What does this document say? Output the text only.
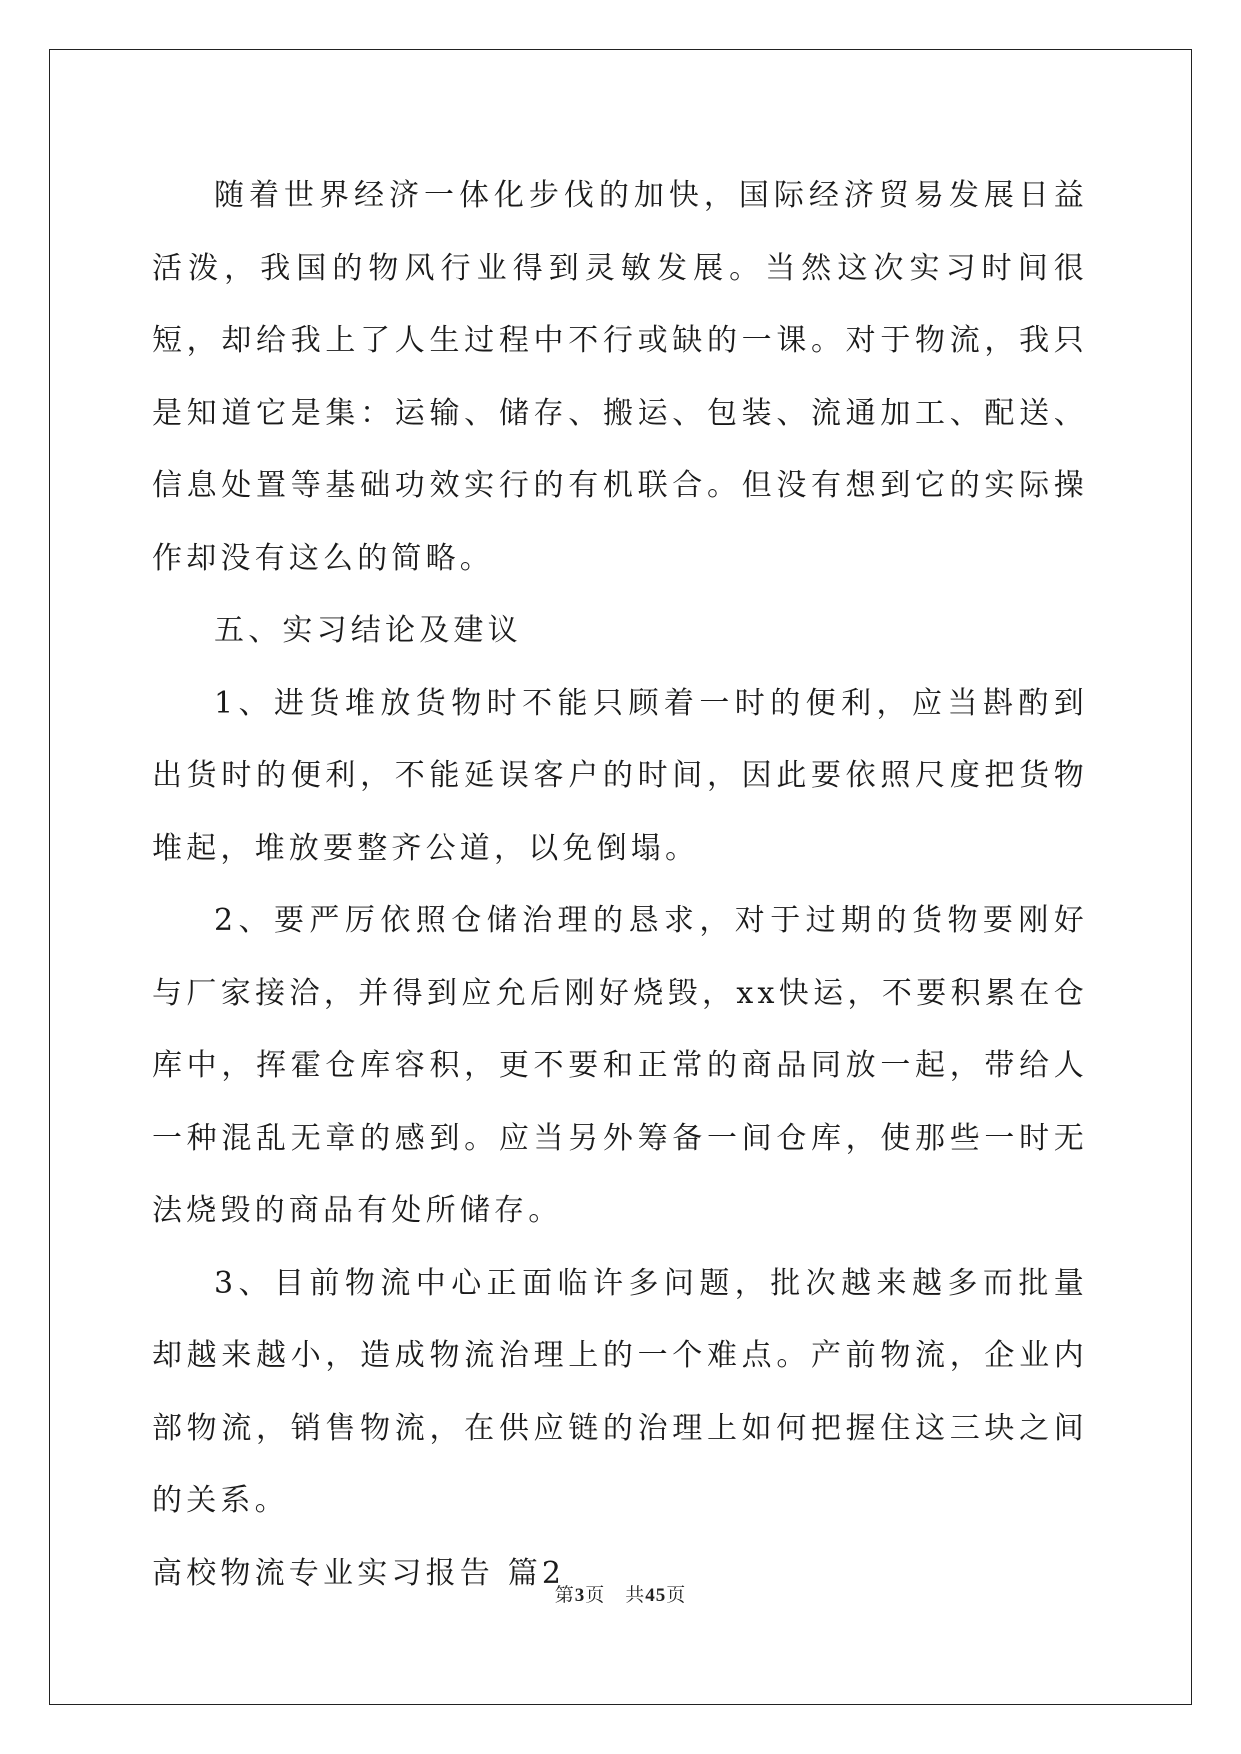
随着世界经济一体化步伐的加快，国际经济贸易发展日益活泼，我国的物风行业得到灵敏发展。当然这次实习时间很短，却给我上了人生过程中不行或缺的一课。对于物流，我只是知道它是集：运输、储存、搬运、包装、流通加工、配送、信息处置等基础功效实行的有机联合。但没有想到它的实际操作却没有这么的简略。

五、实习结论及建议

1、进货堆放货物时不能只顾着一时的便利，应当斟酌到出货时的便利，不能延误客户的时间，因此要依照尺度把货物堆起，堆放要整齐公道，以免倒塌。

2、要严厉依照仓储治理的恳求，对于过期的货物要刚好与厂家接洽，并得到应允后刚好烧毁，xx快运，不要积累在仓库中，挥霍仓库容积，更不要和正常的商品同放一起，带给人一种混乱无章的感到。应当另外筹备一间仓库，使那些一时无法烧毁的商品有处所储存。

3、目前物流中心正面临许多问题，批次越来越多而批量却越来越小，造成物流治理上的一个难点。产前物流，企业内部物流，销售物流，在供应链的治理上如何把握住这三块之间的关系。

高校物流专业实习报告 篇2

第3页 共45页
